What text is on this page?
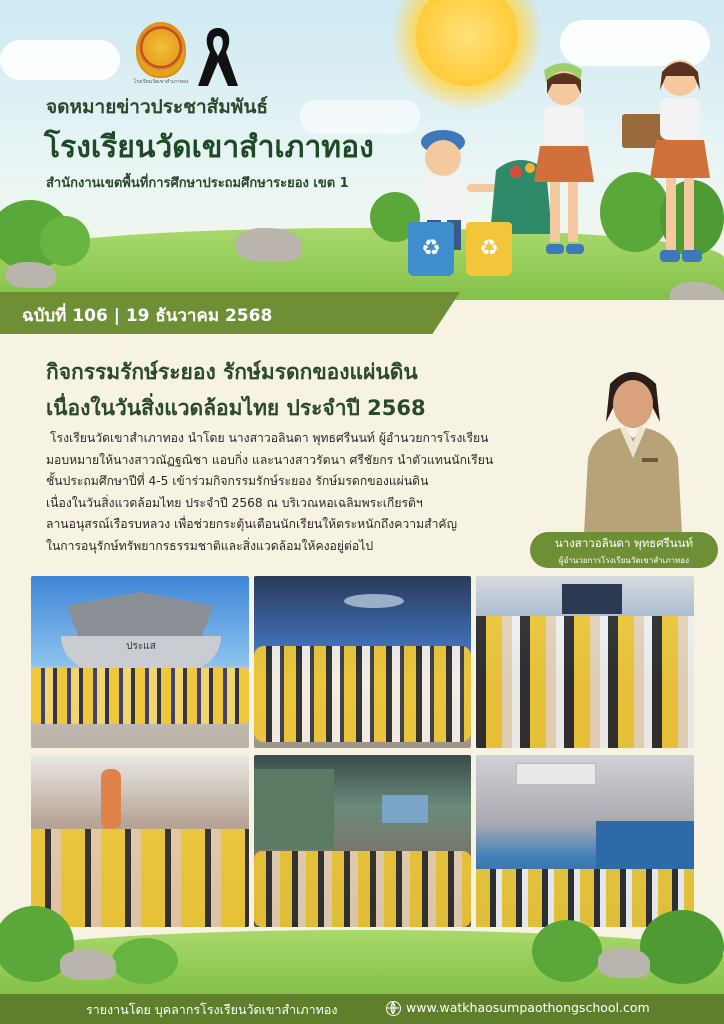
♻	♻
โรงเรียนวัดเขาสำเภาทอง
จดหมายข่าวประชาสัมพันธ์
โรงเรียนวัดเขาสำเภาทอง
สำนักงานเขตพื้นที่การศึกษาประถมศึกษาระยอง เขต 1
ฉบับที่ 106 | 19 ธันวาคม 2568
กิจกรรมรักษ์ระยอง รักษ์มรดกของแผ่นดิน
เนื่องในวันสิ่งแวดล้อมไทย ประจำปี 2568

โรงเรียนวัดเขาสำเภาทอง นำโดย นางสาวอลินดา พุทธศรีนนท์ ผู้อำนวยการโรงเรียน

มอบหมายให้นางสาวณัฏฐณิชา แอบกิ่ง และนางสาวรัตนา ศรีชัยกร นำตัวแทนนักเรียน

ชั้นประถมศึกษาปีที่ 4-5 เข้าร่วมกิจกรรมรักษ์ระยอง รักษ์มรดกของแผ่นดิน

เนื่องในวันสิ่งแวดล้อมไทย ประจำปี 2568 ณ บริเวณหอเฉลิมพระเกียรติฯ

ลานอนุสรณ์เรือรบหลวง เพื่อช่วยกระตุ้นเตือนนักเรียนให้ตระหนักถึงความสำคัญ

ในการอนุรักษ์ทรัพยากรธรรมชาติและสิ่งแวดล้อมให้คงอยู่ต่อไป	นางสาวอลินดา พุทธศรีนนท์
ผู้อำนวยการโรงเรียนวัดเขาสำเภาทอง
ประแส
รายงานโดย บุคลากรโรงเรียนวัดเขาสำเภาทอง	www.watkhaosumpaothongschool.com
